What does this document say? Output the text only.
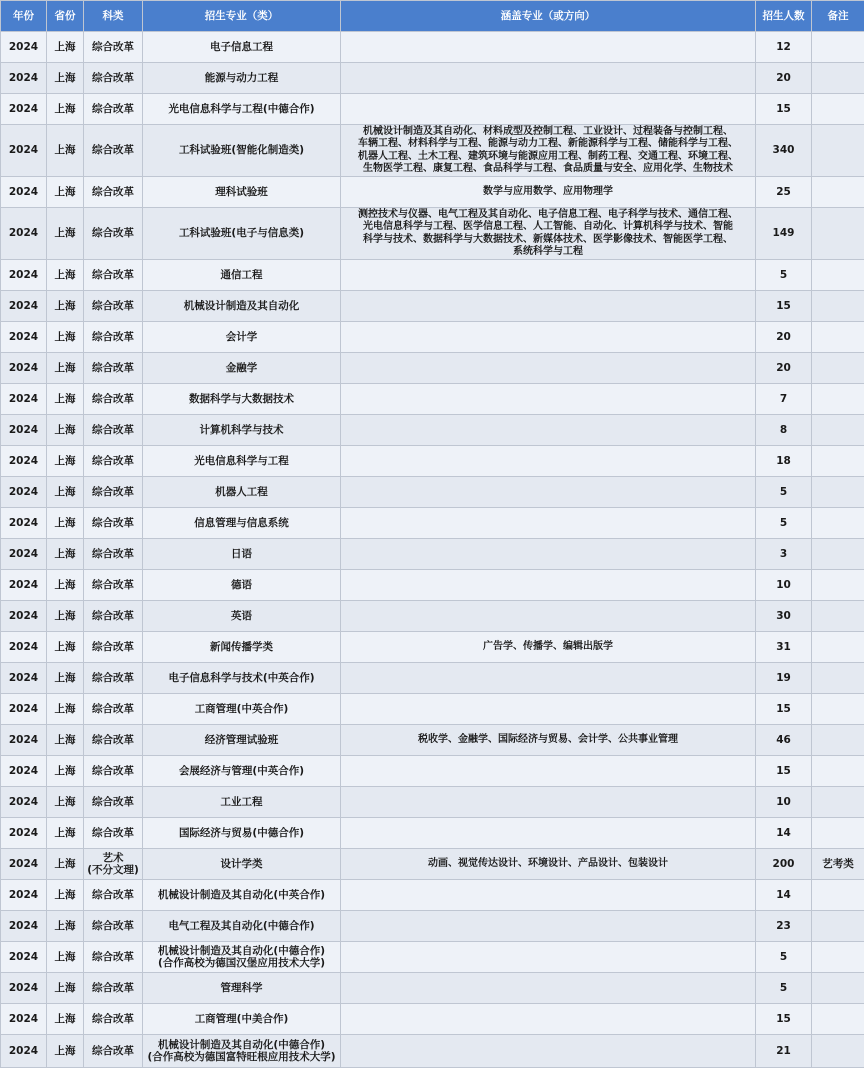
年份	省份	科类	招生专业（类）	涵盖专业（或方向）	招生人数	备注
2024	上海	综合改革	电子信息工程		12	
2024	上海	综合改革	能源与动力工程		20	
2024	上海	综合改革	光电信息科学与工程(中德合作)		15	
2024	上海	综合改革	工科试验班(智能化制造类)	机械设计制造及其自动化、材料成型及控制工程、工业设计、过程装备与控制工程、
车辆工程、材料科学与工程、能源与动力工程、新能源科学与工程、储能科学与工程、
机器人工程、土木工程、建筑环境与能源应用工程、制药工程、交通工程、环境工程、
生物医学工程、康复工程、食品科学与工程、食品质量与安全、应用化学、生物技术	340	
2024	上海	综合改革	理科试验班	数学与应用数学、应用物理学	25	
2024	上海	综合改革	工科试验班(电子与信息类)	测控技术与仪器、电气工程及其自动化、电子信息工程、电子科学与技术、通信工程、
光电信息科学与工程、医学信息工程、人工智能、自动化、计算机科学与技术、智能
科学与技术、数据科学与大数据技术、新媒体技术、医学影像技术、智能医学工程、
系统科学与工程	149	
2024	上海	综合改革	通信工程		5	
2024	上海	综合改革	机械设计制造及其自动化		15	
2024	上海	综合改革	会计学		20	
2024	上海	综合改革	金融学		20	
2024	上海	综合改革	数据科学与大数据技术		7	
2024	上海	综合改革	计算机科学与技术		8	
2024	上海	综合改革	光电信息科学与工程		18	
2024	上海	综合改革	机器人工程		5	
2024	上海	综合改革	信息管理与信息系统		5	
2024	上海	综合改革	日语		3	
2024	上海	综合改革	德语		10	
2024	上海	综合改革	英语		30	
2024	上海	综合改革	新闻传播学类	广告学、传播学、编辑出版学	31	
2024	上海	综合改革	电子信息科学与技术(中英合作)		19	
2024	上海	综合改革	工商管理(中英合作)		15	
2024	上海	综合改革	经济管理试验班	税收学、金融学、国际经济与贸易、会计学、公共事业管理	46	
2024	上海	综合改革	会展经济与管理(中英合作)		15	
2024	上海	综合改革	工业工程		10	
2024	上海	综合改革	国际经济与贸易(中德合作)		14	
2024	上海	艺术
(不分文理)	设计学类	动画、视觉传达设计、环境设计、产品设计、包装设计	200	艺考类
2024	上海	综合改革	机械设计制造及其自动化(中英合作)		14	
2024	上海	综合改革	电气工程及其自动化(中德合作)		23	
2024	上海	综合改革	机械设计制造及其自动化(中德合作)
(合作高校为德国汉堡应用技术大学)		5	
2024	上海	综合改革	管理科学		5	
2024	上海	综合改革	工商管理(中美合作)		15	
2024	上海	综合改革	机械设计制造及其自动化(中德合作)
(合作高校为德国富特旺根应用技术大学)		21	
